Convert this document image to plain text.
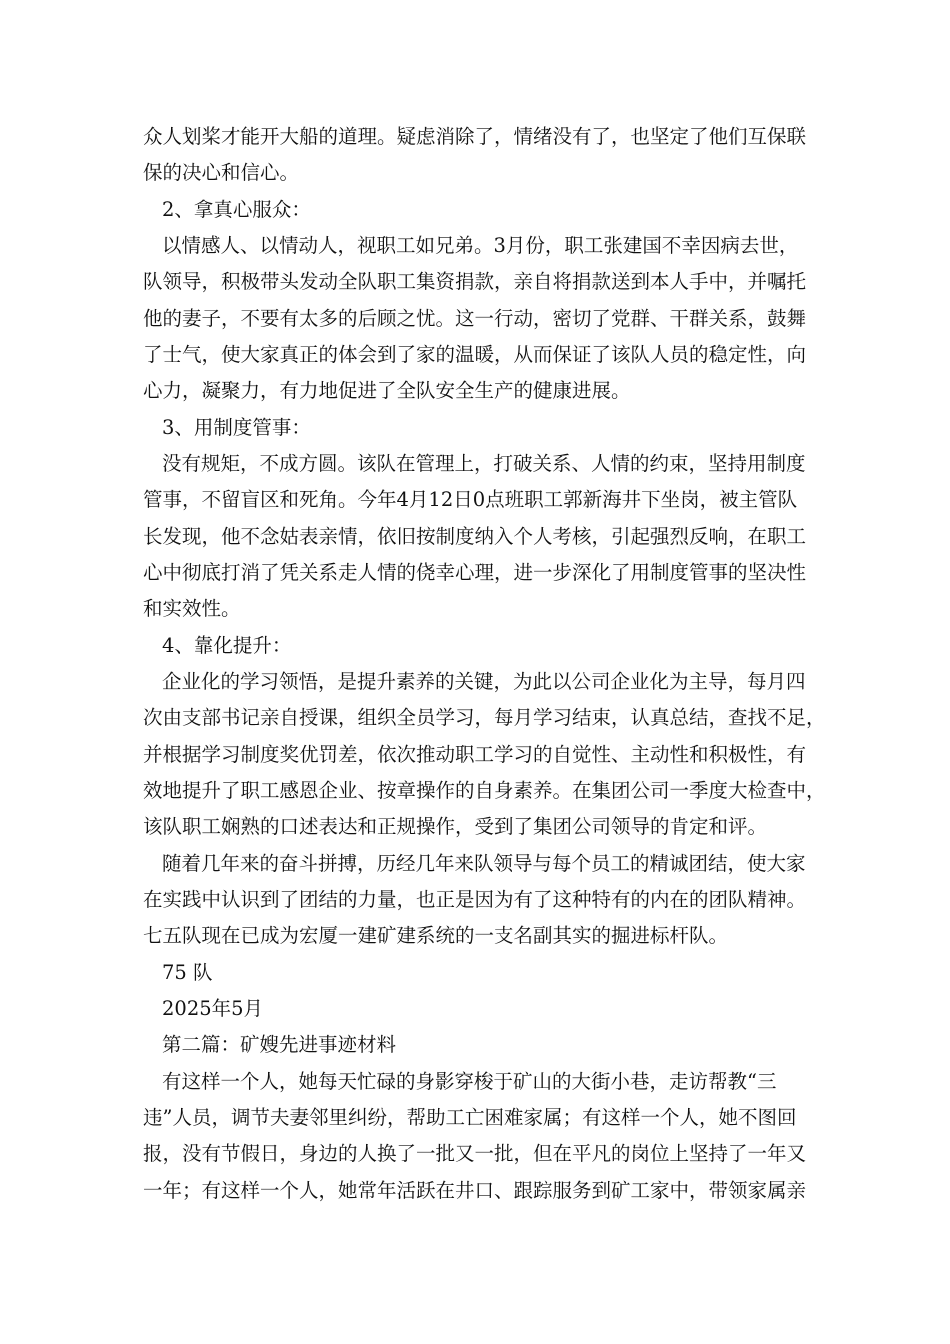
众人划桨才能开大船的道理。疑虑消除了，情绪没有了，也坚定了他们互保联
保的决心和信心。
2、拿真心服众：
以情感人、以情动人，视职工如兄弟。3月份，职工张建国不幸因病去世，
队领导，积极带头发动全队职工集资捐款，亲自将捐款送到本人手中，并嘱托
他的妻子，不要有太多的后顾之忧。这一行动，密切了党群、干群关系，鼓舞
了士气，使大家真正的体会到了家的温暖，从而保证了该队人员的稳定性，向
心力，凝聚力，有力地促进了全队安全生产的健康进展。
3、用制度管事：
没有规矩，不成方圆。该队在管理上，打破关系、人情的约束，坚持用制度
管事，不留盲区和死角。今年4月12日0点班职工郭新海井下坐岗，被主管队
长发现，他不念姑表亲情，依旧按制度纳入个人考核，引起强烈反响，在职工
心中彻底打消了凭关系走人情的侥幸心理，进一步深化了用制度管事的坚决性
和实效性。
4、靠化提升：
企业化的学习领悟，是提升素养的关键，为此以公司企业化为主导，每月四
次由支部书记亲自授课，组织全员学习，每月学习结束，认真总结，查找不足，
并根据学习制度奖优罚差，依次推动职工学习的自觉性、主动性和积极性，有
效地提升了职工感恩企业、按章操作的自身素养。在集团公司一季度大检查中，
该队职工娴熟的口述表达和正规操作，受到了集团公司领导的肯定和评。
随着几年来的奋斗拼搏，历经几年来队领导与每个员工的精诚团结，使大家
在实践中认识到了团结的力量，也正是因为有了这种特有的内在的团队精神。
七五队现在已成为宏厦一建矿建系统的一支名副其实的掘进标杆队。
75 队
2025年5月
第二篇：矿嫂先进事迹材料
有这样一个人，她每天忙碌的身影穿梭于矿山的大街小巷，走访帮教“三
违”人员，调节夫妻邻里纠纷，帮助工亡困难家属；有这样一个人，她不图回
报，没有节假日，身边的人换了一批又一批，但在平凡的岗位上坚持了一年又
一年；有这样一个人，她常年活跃在井口、跟踪服务到矿工家中，带领家属亲
